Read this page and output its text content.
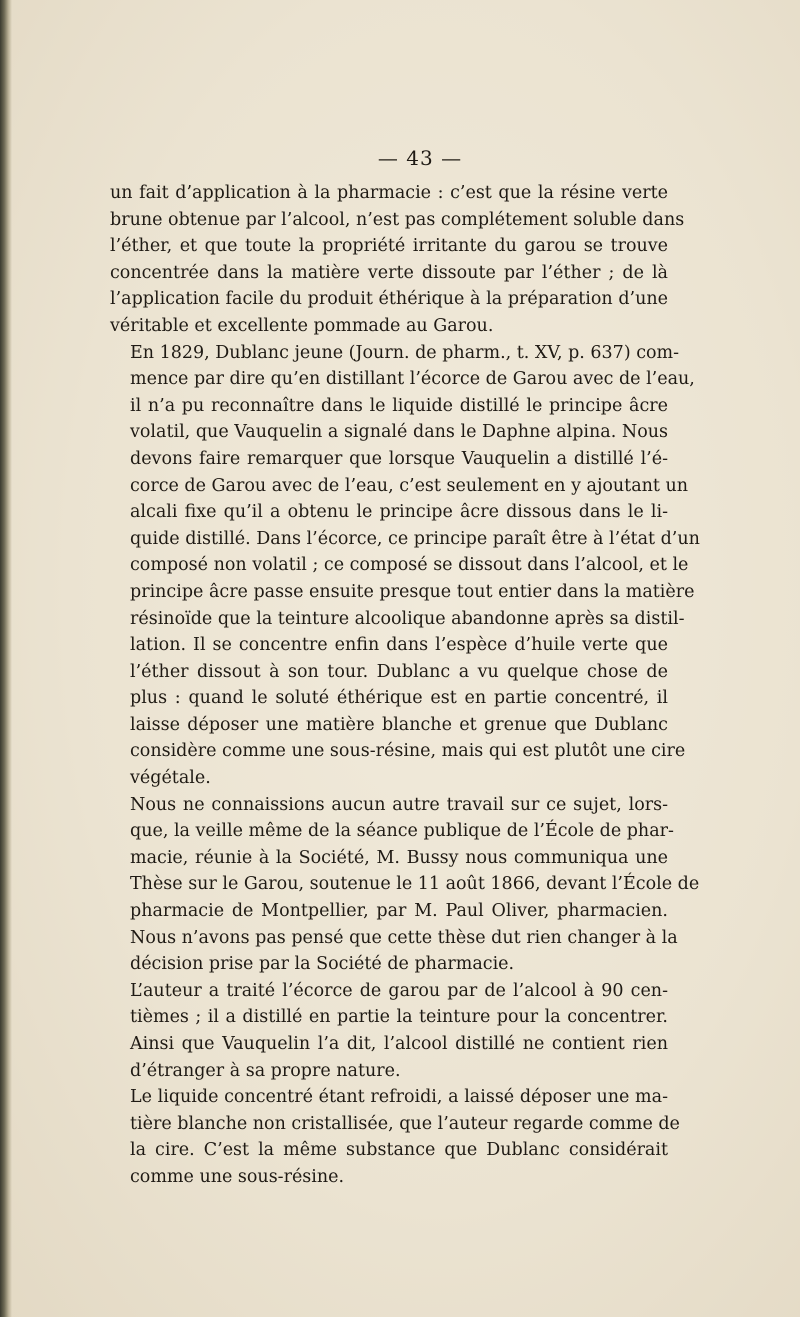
— 43 —

un fait d’application à la pharmacie : c’est que la résine verte
brune obtenue par l’alcool, n’est pas complétement soluble dans
l’éther, et que toute la propriété irritante du garou se trouve
concentrée dans la matière verte dissoute par l’éther ; de là
l’application facile du produit éthérique à la préparation d’une
véritable et excellente pommade au Garou.

En 1829, Dublanc jeune (Journ. de pharm., t. XV, p. 637) com-
mence par dire qu’en distillant l’écorce de Garou avec de l’eau,
il n’a pu reconnaître dans le liquide distillé le principe âcre
volatil, que Vauquelin a signalé dans le Daphne alpina. Nous
devons faire remarquer que lorsque Vauquelin a distillé l’é-
corce de Garou avec de l’eau, c’est seulement en y ajoutant un
alcali fixe qu’il a obtenu le principe âcre dissous dans le li-
quide distillé. Dans l’écorce, ce principe paraît être à l’état d’un
composé non volatil ; ce composé se dissout dans l’alcool, et le
principe âcre passe ensuite presque tout entier dans la matière
résinoïde que la teinture alcoolique abandonne après sa distil-
lation. Il se concentre enfin dans l’espèce d’huile verte que
l’éther dissout à son tour. Dublanc a vu quelque chose de
plus : quand le soluté éthérique est en partie concentré, il
laisse déposer une matière blanche et grenue que Dublanc
considère comme une sous-résine, mais qui est plutôt une cire
végétale.

Nous ne connaissions aucun autre travail sur ce sujet, lors-
que, la veille même de la séance publique de l’École de phar-
macie, réunie à la Société, M. Bussy nous communiqua une
Thèse sur le Garou, soutenue le 11 août 1866, devant l’École de
pharmacie de Montpellier, par M. Paul Oliver, pharmacien.
Nous n’avons pas pensé que cette thèse dut rien changer à la
décision prise par la Société de pharmacie.

L’auteur a traité l’écorce de garou par de l’alcool à 90 cen-
tièmes ; il a distillé en partie la teinture pour la concentrer.
Ainsi que Vauquelin l’a dit, l’alcool distillé ne contient rien
d’étranger à sa propre nature.

Le liquide concentré étant refroidi, a laissé déposer une ma-
tière blanche non cristallisée, que l’auteur regarde comme de
la cire. C’est la même substance que Dublanc considérait
comme une sous-résine.
